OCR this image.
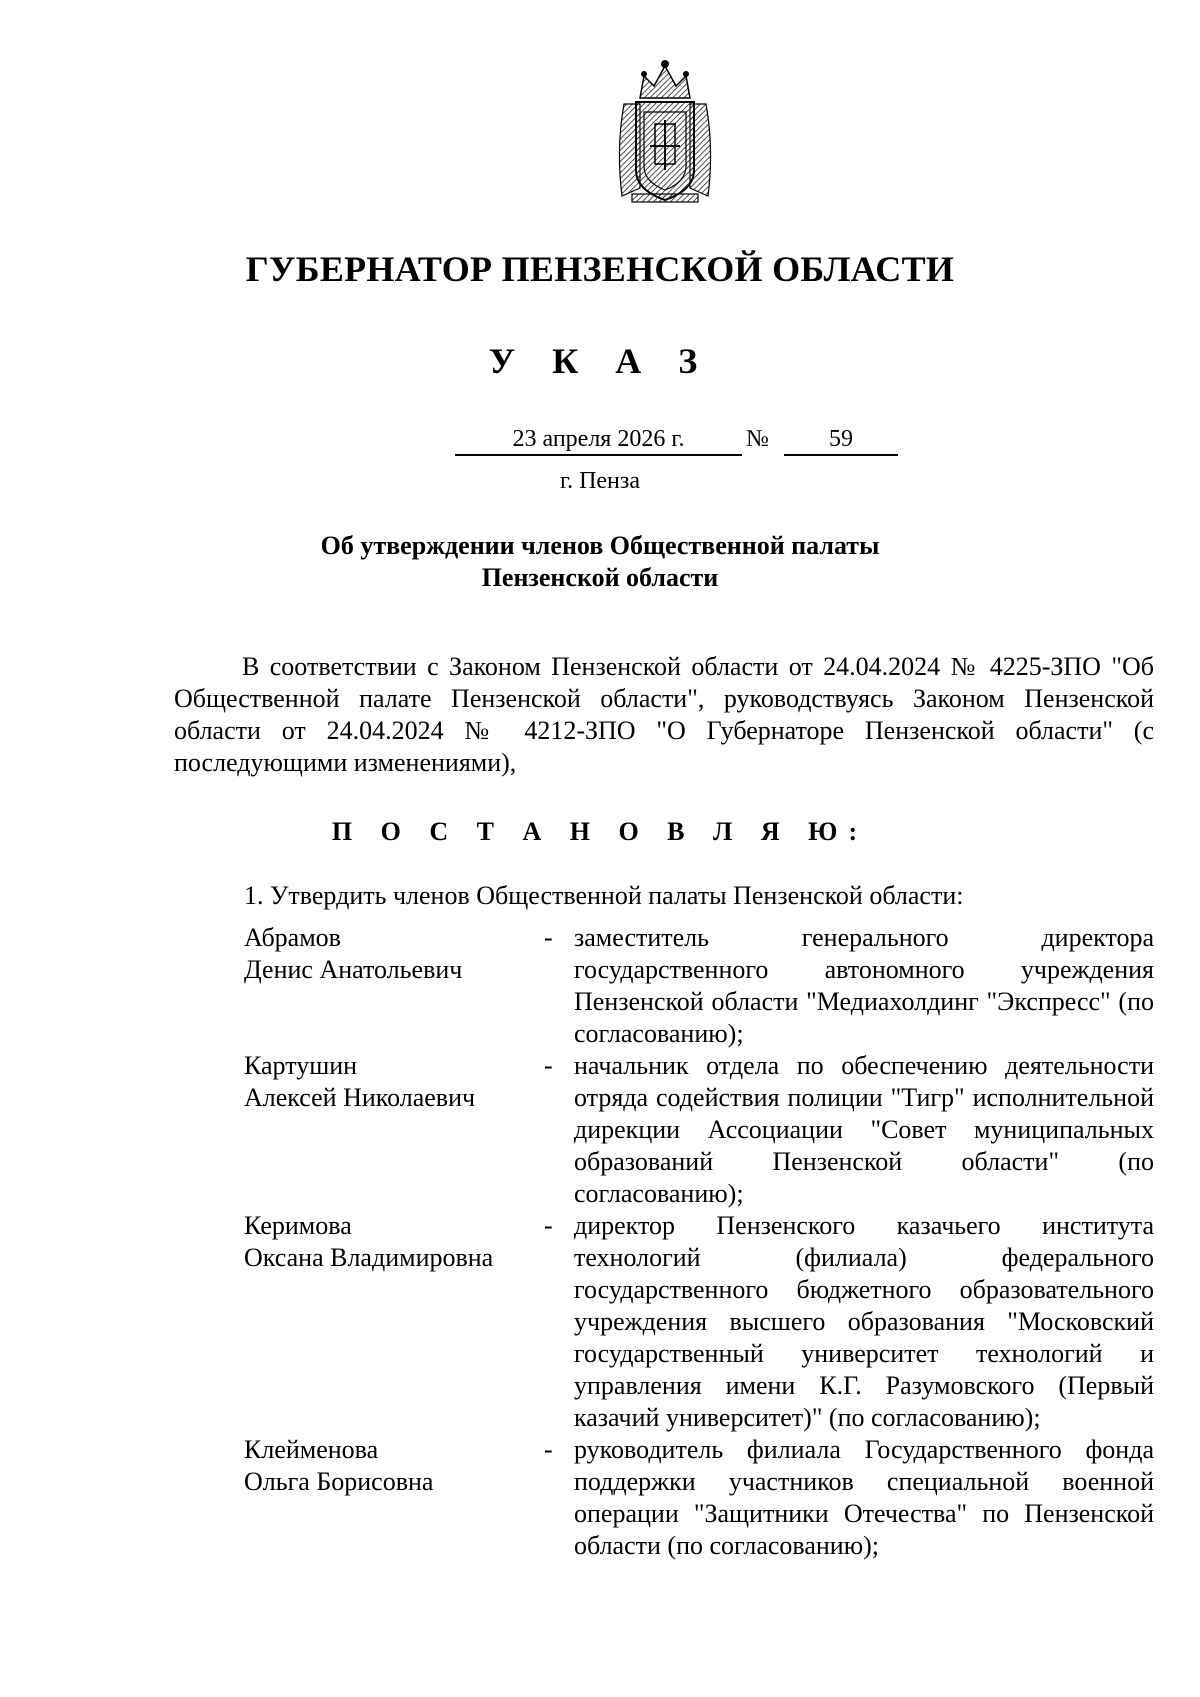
ГУБЕРНАТОР ПЕНЗЕНСКОЙ ОБЛАСТИ
У К А З
23 апреля 2026 г.	№	59
г. Пенза
Об утверждении членов Общественной палаты
Пензенской области
В соответствии с Законом Пензенской области от 24.04.2024 № 4225-ЗПО "Об Общественной палате Пензенской области", руководствуясь Законом Пензенской области от 24.04.2024 № 4212-ЗПО "О Губернаторе Пензенской области" (с последующими изменениями),
П О С Т А Н О В Л Я Ю:
1. Утвердить членов Общественной палаты Пензенской области:
Абрамов
Денис Анатольевич
- заместитель генерального директора государственного автономного учреждения Пензенской области "Медиахолдинг "Экспресс" (по согласованию);
Картушин
Алексей Николаевич
- начальник отдела по обеспечению деятельности отряда содействия полиции "Тигр" исполнительной дирекции Ассоциации "Совет муниципальных образований Пензенской области" (по согласованию);
Керимова
Оксана Владимировна
- директор Пензенского казачьего института технологий (филиала) федерального государственного бюджетного образовательного учреждения высшего образования "Московский государственный университет технологий и управления имени К.Г. Разумовского (Первый казачий университет)" (по согласованию);
Клейменова
Ольга Борисовна
- руководитель филиала Государственного фонда поддержки участников специальной военной операции "Защитники Отечества" по Пензенской области (по согласованию);
